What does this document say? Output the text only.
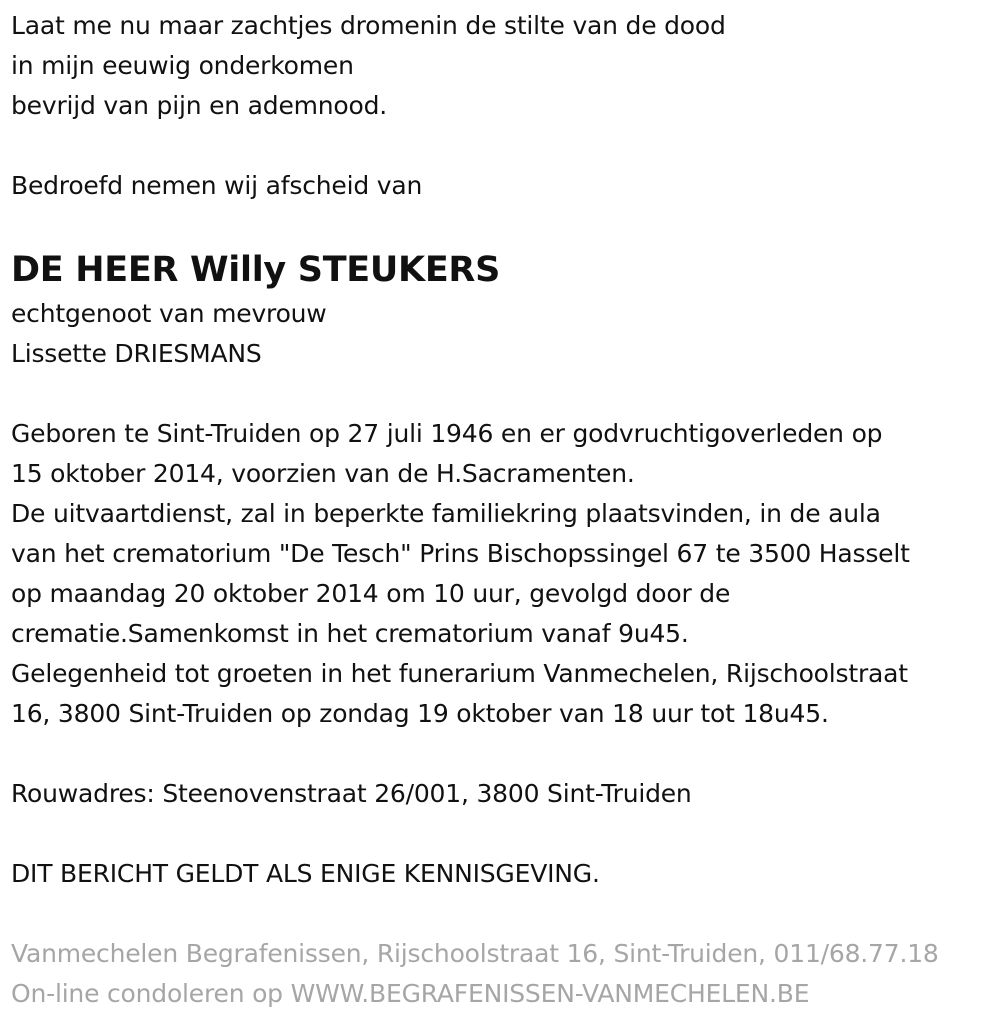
Laat me nu maar zachtjes dromenin de stilte van de dood
in mijn eeuwig onderkomen
bevrijd van pijn en ademnood.
Bedroefd nemen wij afscheid van
DE HEER Willy STEUKERS
echtgenoot van mevrouw
Lissette DRIESMANS
Geboren te Sint-Truiden op 27 juli 1946 en er godvruchtigoverleden op
15 oktober 2014, voorzien van de H.Sacramenten.
De uitvaartdienst, zal in beperkte familiekring plaatsvinden, in de aula
van het crematorium "De Tesch" Prins Bischopssingel 67 te 3500 Hasselt
op maandag 20 oktober 2014 om 10 uur, gevolgd door de
crematie.Samenkomst in het crematorium vanaf 9u45.
Gelegenheid tot groeten in het funerarium Vanmechelen, Rijschoolstraat
16, 3800 Sint-Truiden op zondag 19 oktober van 18 uur tot 18u45.
Rouwadres: Steenovenstraat 26/001, 3800 Sint-Truiden
DIT BERICHT GELDT ALS ENIGE KENNISGEVING.
Vanmechelen Begrafenissen, Rijschoolstraat 16, Sint-Truiden, 011/68.77.18
On-line condoleren op WWW.BEGRAFENISSEN-VANMECHELEN.BE
